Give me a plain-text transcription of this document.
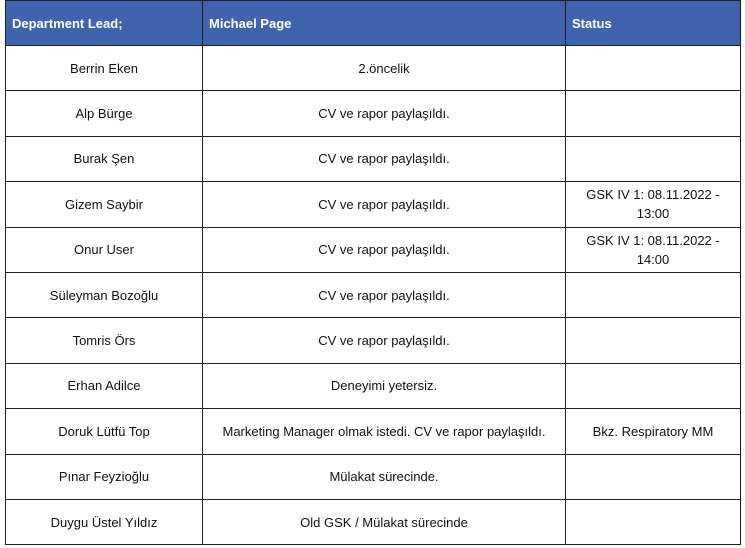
Department Lead;	Michael Page	Status
Berrin Eken	2.öncelik	
Alp Bürge	CV ve rapor paylaşıldı.	
Burak Şen	CV ve rapor paylaşıldı.	
Gizem Saybir	CV ve rapor paylaşıldı.	GSK IV 1: 08.11.2022 - 13:00
Onur User	CV ve rapor paylaşıldı.	GSK IV 1: 08.11.2022 - 14:00
Süleyman Bozoğlu	CV ve rapor paylaşıldı.	
Tomris Örs	CV ve rapor paylaşıldı.	
Erhan Adilce	Deneyimi yetersiz.	
Doruk Lütfü Top	Marketing Manager olmak istedi. CV ve rapor paylaşıldı.	Bkz. Respiratory MM
Pınar Feyzioğlu	Mülakat sürecinde.	
Duygu Üstel Yıldız	Old GSK / Mülakat sürecinde	
